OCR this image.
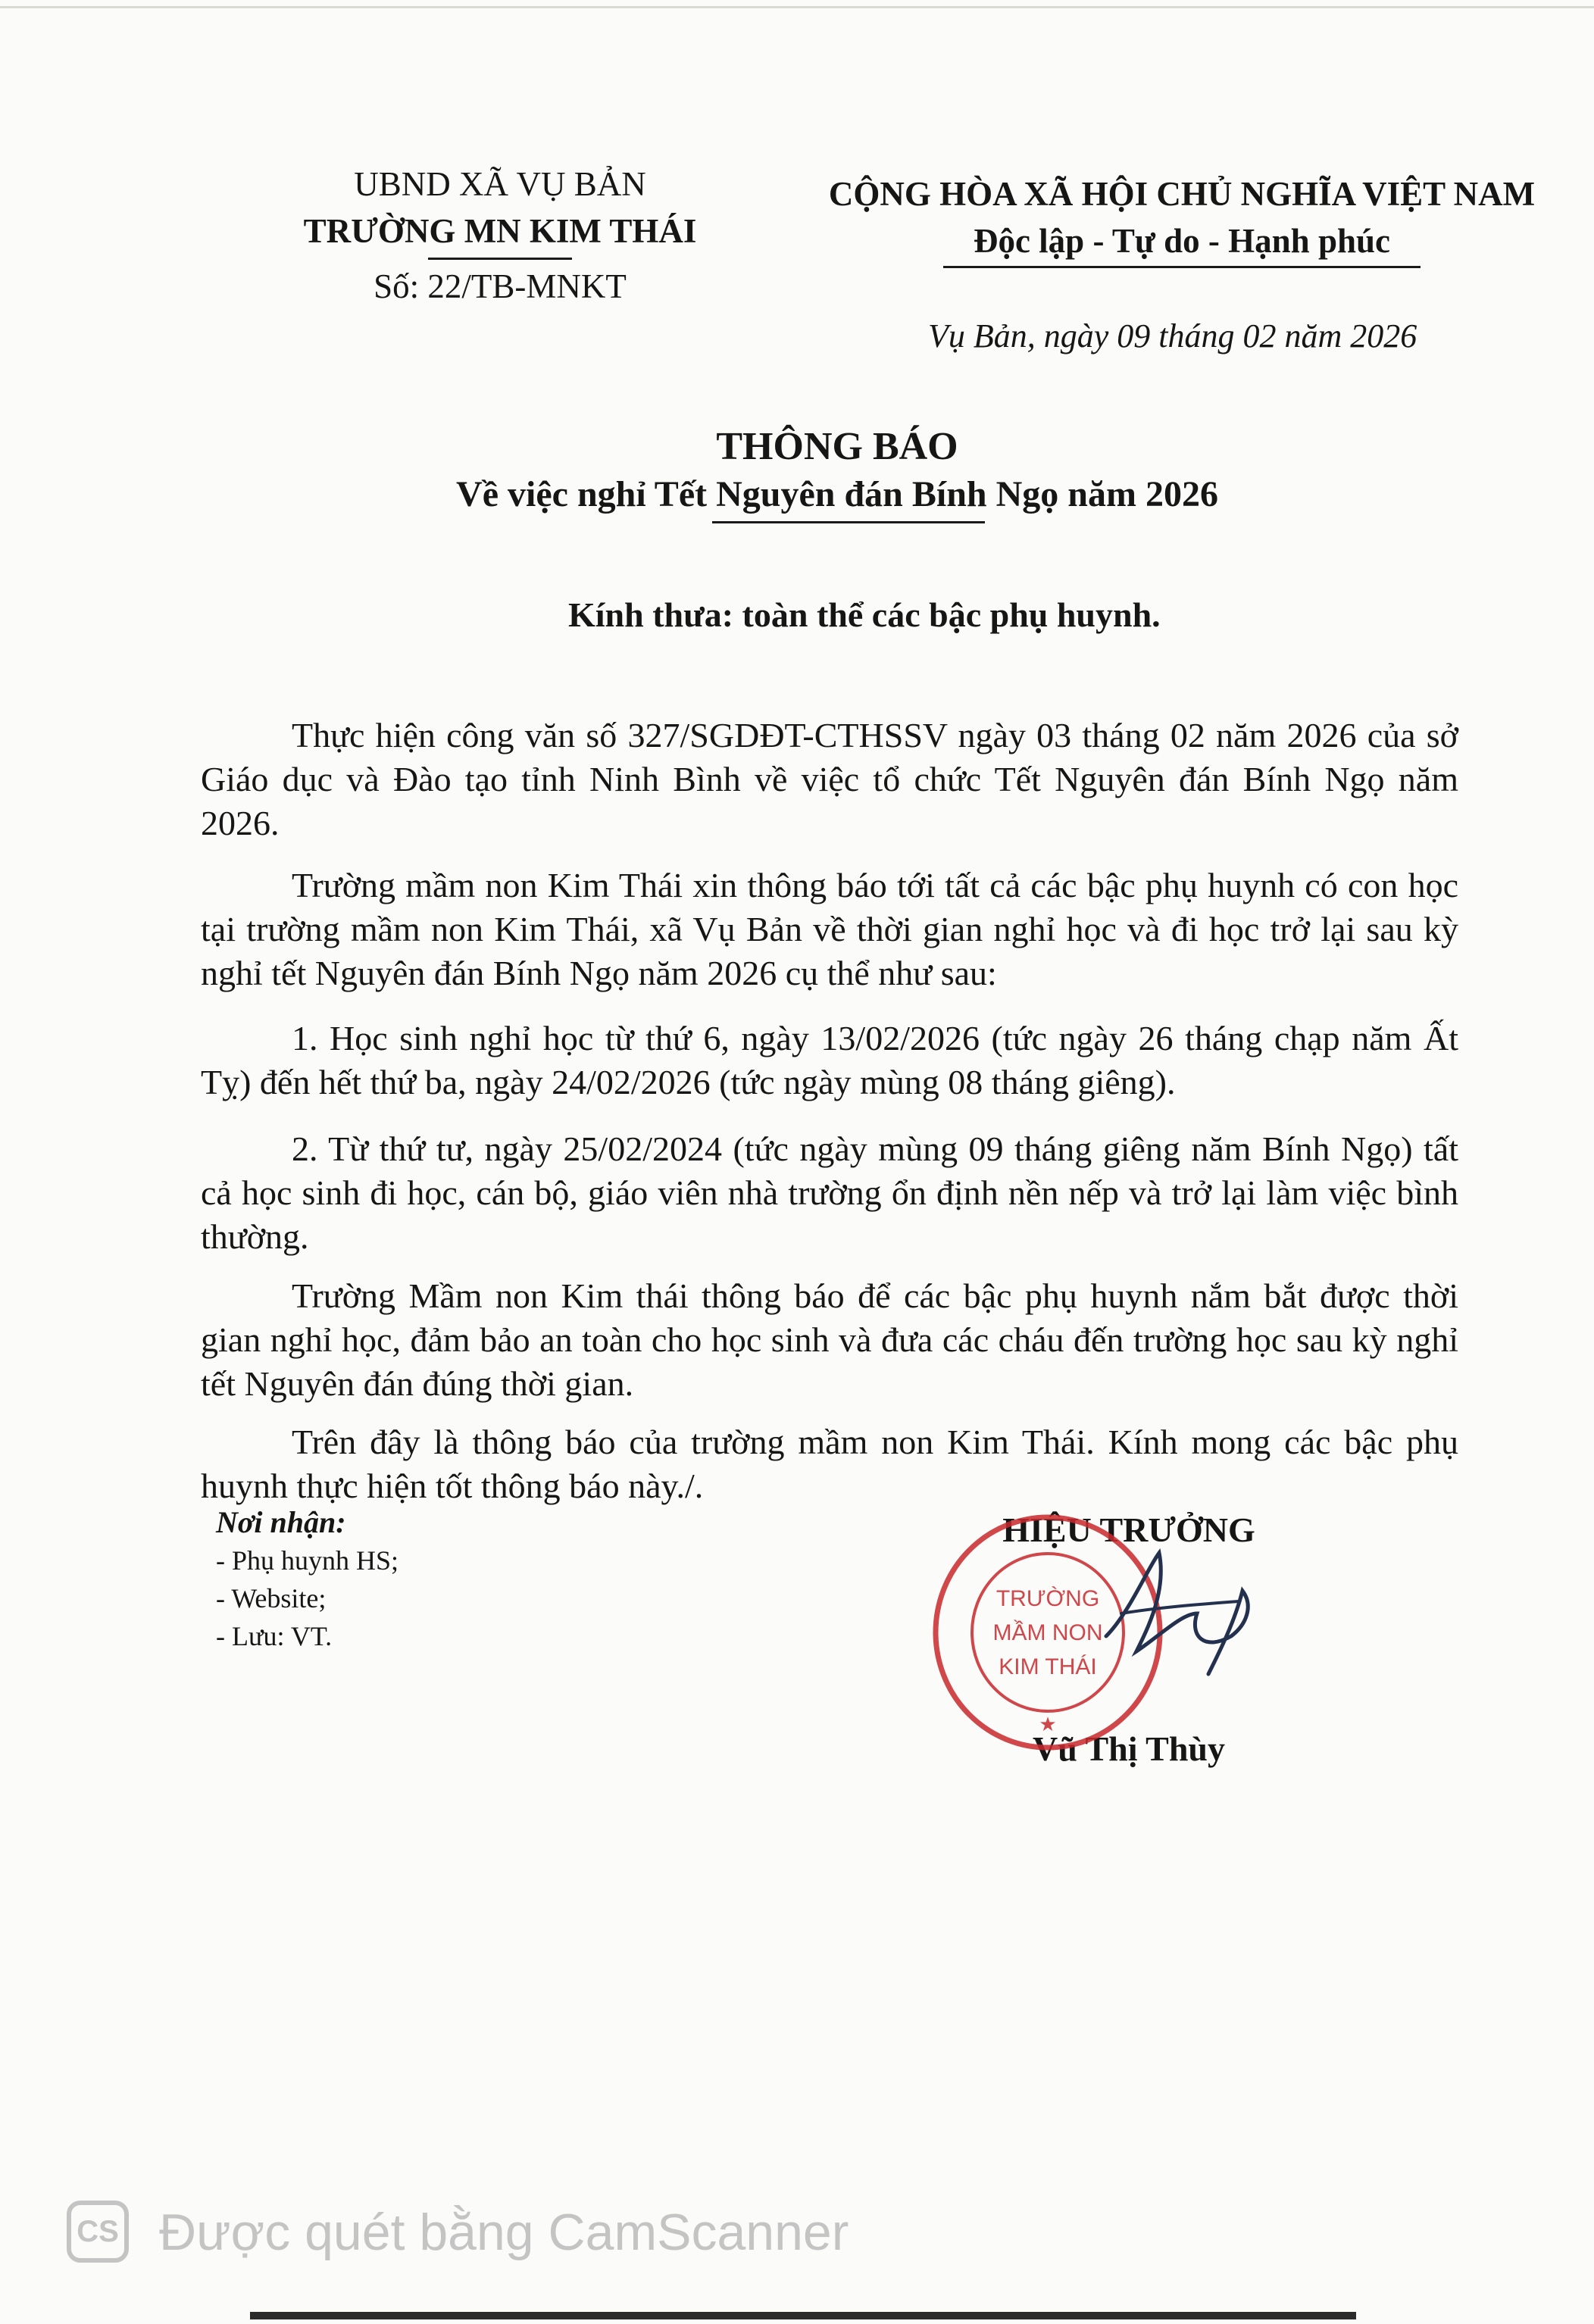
UBND XÃ VỤ BẢN
TRƯỜNG MN KIM THÁI
Số: 22/TB-MNKT
CỘNG HÒA XÃ HỘI CHỦ NGHĨA VIỆT NAM
Độc lập - Tự do - Hạnh phúc
Vụ Bản, ngày 09 tháng 02 năm 2026
THÔNG BÁO
Về việc nghỉ Tết Nguyên đán Bính Ngọ năm 2026
Kính thưa: toàn thể các bậc phụ huynh.
Thực hiện công văn số 327/SGDĐT-CTHSSV ngày 03 tháng 02 năm 2026 của sở Giáo dục và Đào tạo tỉnh Ninh Bình về việc tổ chức Tết Nguyên đán Bính Ngọ năm 2026.
Trường mầm non Kim Thái xin thông báo tới tất cả các bậc phụ huynh có con học tại trường mầm non Kim Thái, xã Vụ Bản về thời gian nghỉ học và đi học trở lại sau kỳ nghỉ tết Nguyên đán Bính Ngọ năm 2026 cụ thể như sau:
1. Học sinh nghỉ học từ thứ 6, ngày 13/02/2026 (tức ngày 26 tháng chạp năm Ất Tỵ) đến hết thứ ba, ngày 24/02/2026 (tức ngày mùng 08 tháng giêng).
2. Từ thứ tư, ngày 25/02/2024 (tức ngày mùng 09 tháng giêng năm Bính Ngọ) tất cả học sinh đi học, cán bộ, giáo viên nhà trường ổn định nền nếp và trở lại làm việc bình thường.
Trường Mầm non Kim thái thông báo để các bậc phụ huynh nắm bắt được thời gian nghỉ học, đảm bảo an toàn cho học sinh và đưa các cháu đến trường học sau kỳ nghỉ tết Nguyên đán đúng thời gian.
Trên đây là thông báo của trường mầm non Kim Thái. Kính mong các bậc phụ huynh thực hiện tốt thông báo này./.
Nơi nhận:
- Phụ huynh HS;
- Website;
- Lưu: VT.
HIỆU TRƯỞNG
Vũ Thị Thùy
TRƯỜNG
MẦM NON
KIM THÁI
★
CS Được quét bằng CamScanner
